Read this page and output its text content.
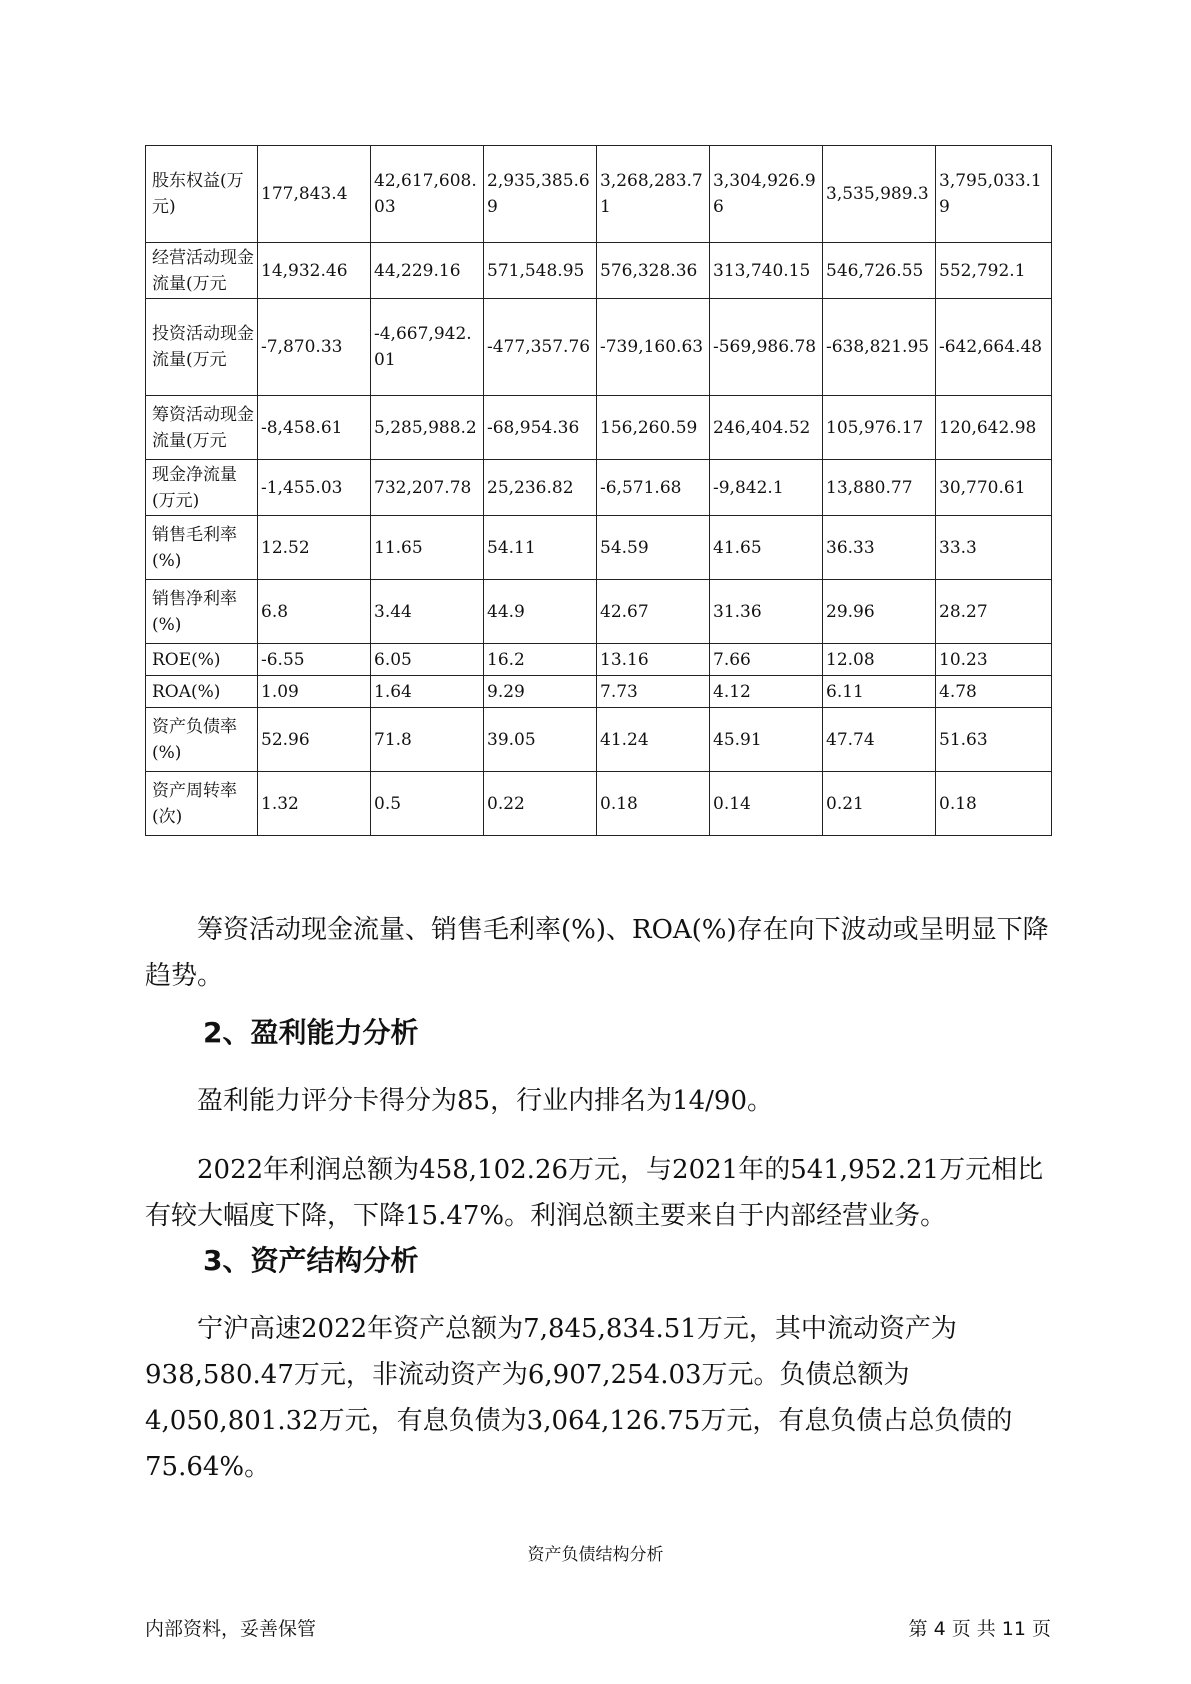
股东权益(万元)	177,843.4	42,617,608.03	2,935,385.69	3,268,283.71	3,304,926.96	3,535,989.3	3,795,033.19
经营活动现金流量(万元	14,932.46	44,229.16	571,548.95	576,328.36	313,740.15	546,726.55	552,792.1
投资活动现金流量(万元	-7,870.33	-4,667,942.01	-477,357.76	-739,160.63	-569,986.78	-638,821.95	-642,664.48
筹资活动现金流量(万元	-8,458.61	5,285,988.2	-68,954.36	156,260.59	246,404.52	105,976.17	120,642.98
现金净流量(万元)	-1,455.03	732,207.78	25,236.82	-6,571.68	-9,842.1	13,880.77	30,770.61
销售毛利率(%)	12.52	11.65	54.11	54.59	41.65	36.33	33.3
销售净利率(%)	6.8	3.44	44.9	42.67	31.36	29.96	28.27
ROE(%)	-6.55	6.05	16.2	13.16	7.66	12.08	10.23
ROA(%)	1.09	1.64	9.29	7.73	4.12	6.11	4.78
资产负债率(%)	52.96	71.8	39.05	41.24	45.91	47.74	51.63
资产周转率(次)	1.32	0.5	0.22	0.18	0.14	0.21	0.18

筹资活动现金流量、销售毛利率(%)、ROA(%)存在向下波动或呈明显下降趋势。

2、盈利能力分析

盈利能力评分卡得分为85，行业内排名为14/90。

2022年利润总额为458,102.26万元，与2021年的541,952.21万元相比有较大幅度下降，下降15.47%。利润总额主要来自于内部经营业务。

3、资产结构分析

宁沪高速2022年资产总额为7,845,834.51万元，其中流动资产为938,580.47万元，非流动资产为6,907,254.03万元。负债总额为4,050,801.32万元，有息负债为3,064,126.75万元，有息负债占总负债的75.64%。

资产负债结构分析
内部资料，妥善保管	第 4 页 共 11 页
